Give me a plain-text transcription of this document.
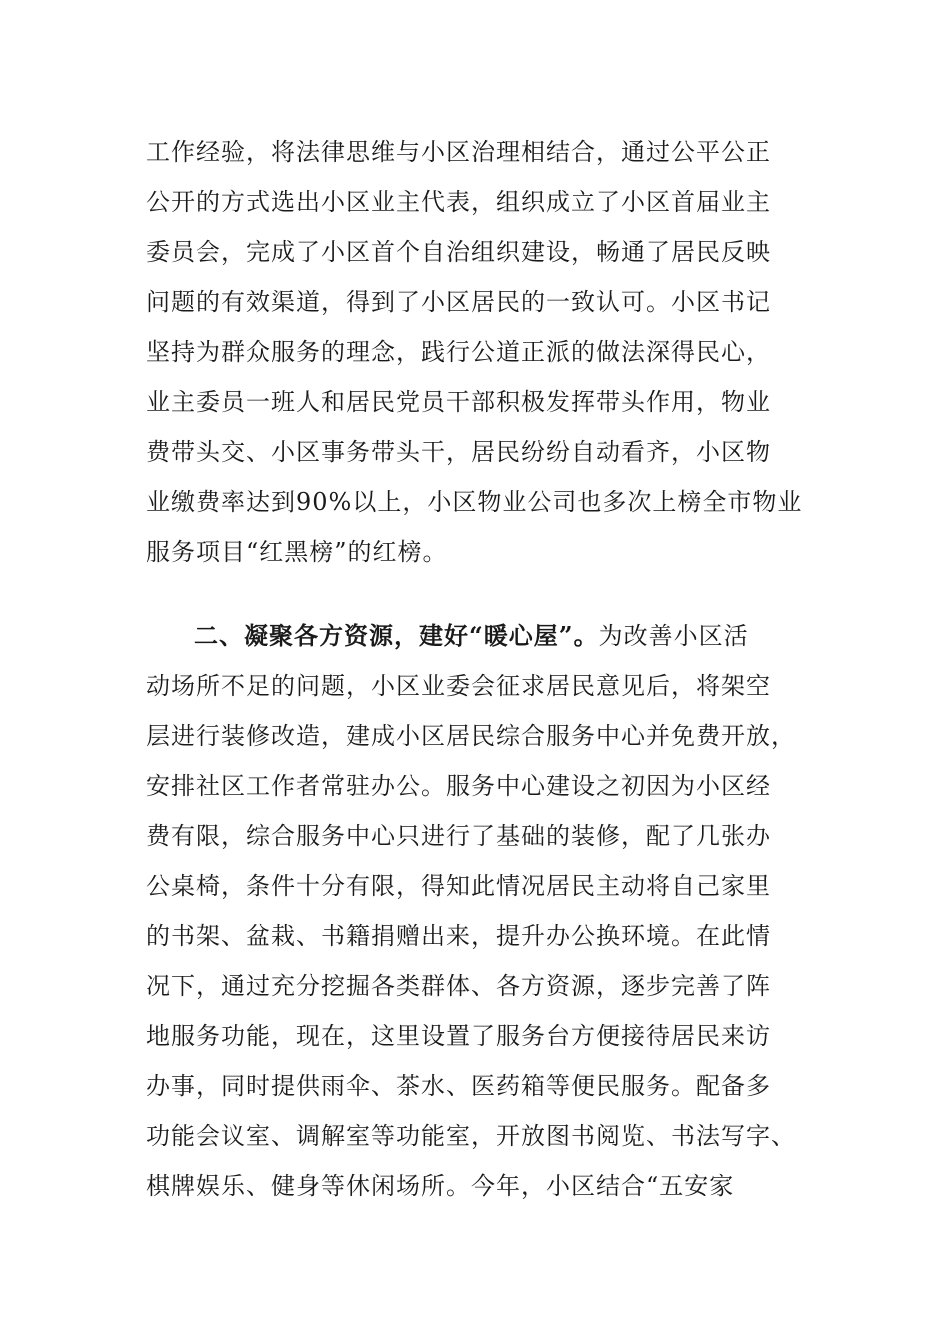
工作经验，将法律思维与小区治理相结合，通过公平公正
公开的方式选出小区业主代表，组织成立了小区首届业主
委员会，完成了小区首个自治组织建设，畅通了居民反映
问题的有效渠道，得到了小区居民的一致认可。小区书记
坚持为群众服务的理念，践行公道正派的做法深得民心，
业主委员一班人和居民党员干部积极发挥带头作用，物业
费带头交、小区事务带头干，居民纷纷自动看齐，小区物
业缴费率达到90%以上，小区物业公司也多次上榜全市物业
服务项目“红黑榜”的红榜。
二、凝聚各方资源，建好“暖心屋”。为改善小区活
动场所不足的问题，小区业委会征求居民意见后，将架空
层进行装修改造，建成小区居民综合服务中心并免费开放，
安排社区工作者常驻办公。服务中心建设之初因为小区经
费有限，综合服务中心只进行了基础的装修，配了几张办
公桌椅，条件十分有限，得知此情况居民主动将自己家里
的书架、盆栽、书籍捐赠出来，提升办公换环境。在此情
况下，通过充分挖掘各类群体、各方资源，逐步完善了阵
地服务功能，现在，这里设置了服务台方便接待居民来访
办事，同时提供雨伞、茶水、医药箱等便民服务。配备多
功能会议室、调解室等功能室，开放图书阅览、书法写字、
棋牌娱乐、健身等休闲场所。今年，小区结合“五安家
